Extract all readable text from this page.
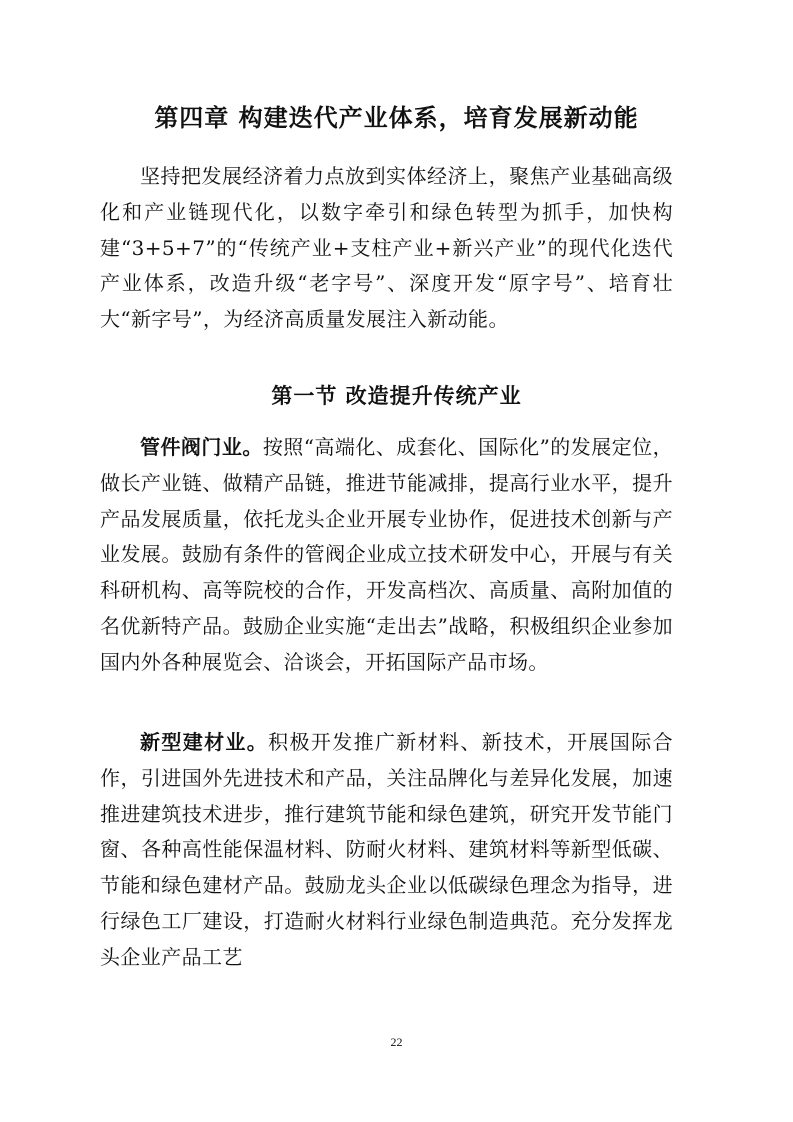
第四章 构建迭代产业体系，培育发展新动能

坚持把发展经济着力点放到实体经济上，聚焦产业基础高级化和产业链现代化，以数字牵引和绿色转型为抓手，加快构建“3+5+7”的“传统产业+支柱产业+新兴产业”的现代化迭代产业体系，改造升级“老字号”、深度开发“原字号”、培育壮大“新字号”，为经济高质量发展注入新动能。

第一节 改造提升传统产业

管件阀门业。按照“高端化、成套化、国际化”的发展定位，做长产业链、做精产品链，推进节能减排，提高行业水平，提升产品发展质量，依托龙头企业开展专业协作，促进技术创新与产业发展。鼓励有条件的管阀企业成立技术研发中心，开展与有关科研机构、高等院校的合作，开发高档次、高质量、高附加值的名优新特产品。鼓励企业实施“走出去”战略，积极组织企业参加国内外各种展览会、洽谈会，开拓国际产品市场。

新型建材业。积极开发推广新材料、新技术，开展国际合作，引进国外先进技术和产品，关注品牌化与差异化发展，加速推进建筑技术进步，推行建筑节能和绿色建筑，研究开发节能门窗、各种高性能保温材料、防耐火材料、建筑材料等新型低碳、节能和绿色建材产品。鼓励龙头企业以低碳绿色理念为指导，进行绿色工厂建设，打造耐火材料行业绿色制造典范。充分发挥龙头企业产品工艺

22
